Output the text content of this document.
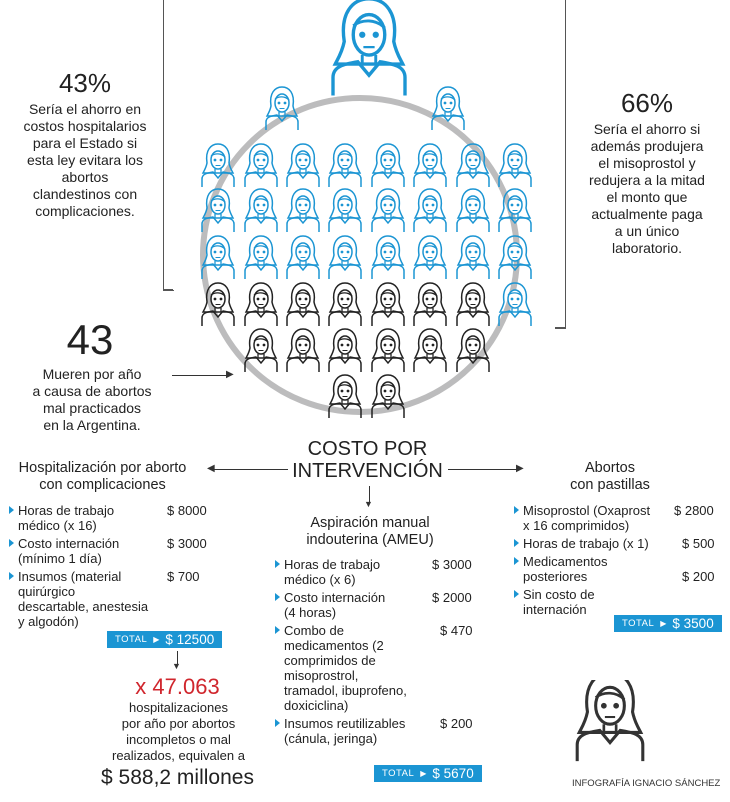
43%
Sería el ahorro en
costos hospitalarios
para el Estado si
esta ley evitara los
abortos
clandestinos con
complicaciones.
66%
Sería el ahorro si
además produjera
el misoprostol y
redujera a la mitad
el monto que
actualmente paga
a un único
laboratorio.
43
Mueren por año
a causa de abortos
mal practicados
en la Argentina.
▶
COSTO POR
INTERVENCIÓN
◀	▶
▼
Hospitalización por aborto
con complicaciones
Horas de trabajo
médico (x 16)
$ 8000
Costo internación
(mínimo 1 día)
$ 3000
Insumos (material
quirúrgico
descartable, anestesia
y algodón)
$ 700
TOTAL ▶ $ 12500
▼
x 47.063
hospitalizaciones
por año por abortos
incompletos o mal
realizados, equivalen a
$ 588,2 millones
Aspiración manual
indouterina (AMEU)
Horas de trabajo
médico (x 6)
$ 3000
Costo internación
(4 horas)
$ 2000
Combo de
medicamentos (2
comprimidos de
misoprostrol,
tramadol, ibuprofeno,
doxiciclina)
$ 470
Insumos reutilizables
(cánula, jeringa)
$ 200
TOTAL ▶ $ 5670
Abortos
con pastillas
Misoprostol (Oxaprost
x 16 comprimidos)
$ 2800
Horas de trabajo (x 1)	$ 500
Medicamentos
posteriores	$ 200
Sin costo de
internación
TOTAL ▶ $ 3500
INFOGRAFÍA IGNACIO SÁNCHEZ
